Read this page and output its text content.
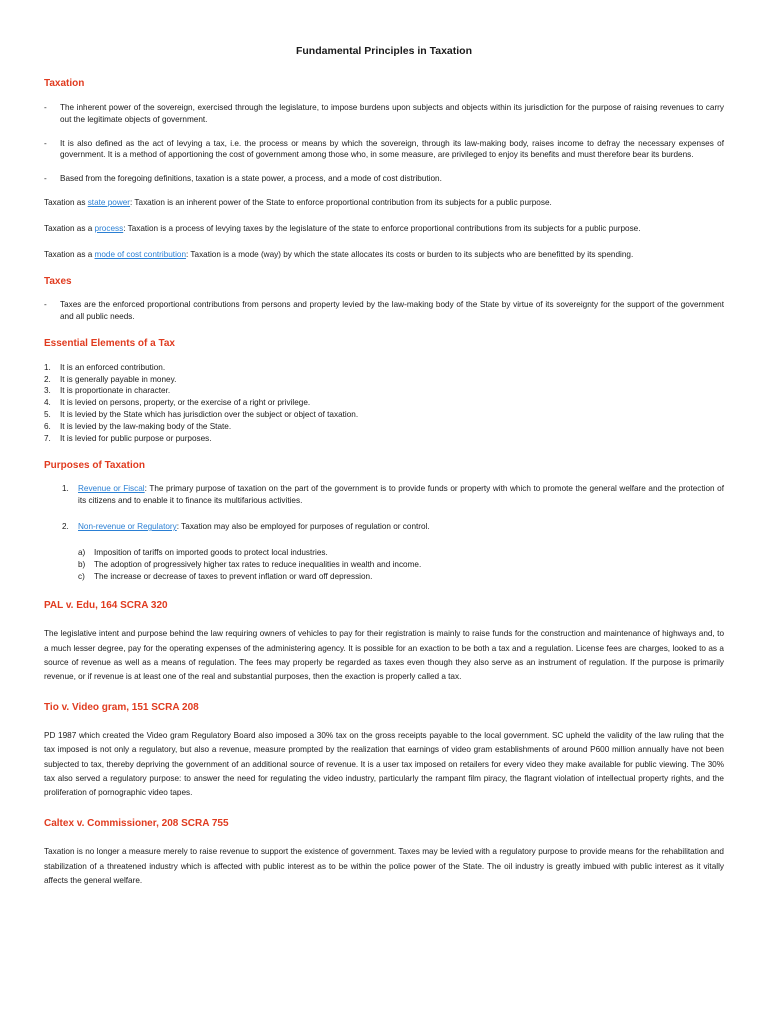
Fundamental Principles in Taxation
Taxation
- The inherent power of the sovereign, exercised through the legislature, to impose burdens upon subjects and objects within its jurisdiction for the purpose of raising revenues to carry out the legitimate objects of government.
- It is also defined as the act of levying a tax, i.e. the process or means by which the sovereign, through its law-making body, raises income to defray the necessary expenses of government. It is a method of apportioning the cost of government among those who, in some measure, are privileged to enjoy its benefits and must therefore bear its burdens.
- Based from the foregoing definitions, taxation is a state power, a process, and a mode of cost distribution.
Taxation as state power: Taxation is an inherent power of the State to enforce proportional contribution from its subjects for a public purpose.
Taxation as a process: Taxation is a process of levying taxes by the legislature of the state to enforce proportional contributions from its subjects for a public purpose.
Taxation as a mode of cost contribution: Taxation is a mode (way) by which the state allocates its costs or burden to its subjects who are benefitted by its spending.
Taxes
- Taxes are the enforced proportional contributions from persons and property levied by the law-making body of the State by virtue of its sovereignty for the support of the government and all public needs.
Essential Elements of a Tax
1. It is an enforced contribution.
2. It is generally payable in money.
3. It is proportionate in character.
4. It is levied on persons, property, or the exercise of a right or privilege.
5. It is levied by the State which has jurisdiction over the subject or object of taxation.
6. It is levied by the law-making body of the State.
7. It is levied for public purpose or purposes.
Purposes of Taxation
1. Revenue or Fiscal: The primary purpose of taxation on the part of the government is to provide funds or property with which to promote the general welfare and the protection of its citizens and to enable it to finance its multifarious activities.
2. Non-revenue or Regulatory: Taxation may also be employed for purposes of regulation or control.
a) Imposition of tariffs on imported goods to protect local industries.
b) The adoption of progressively higher tax rates to reduce inequalities in wealth and income.
c) The increase or decrease of taxes to prevent inflation or ward off depression.
PAL v. Edu, 164 SCRA 320
The legislative intent and purpose behind the law requiring owners of vehicles to pay for their registration is mainly to raise funds for the construction and maintenance of highways and, to a much lesser degree, pay for the operating expenses of the administering agency. It is possible for an exaction to be both a tax and a regulation. License fees are charges, looked to as a source of revenue as well as a means of regulation. The fees may properly be regarded as taxes even though they also serve as an instrument of regulation. If the purpose is primarily revenue, or if revenue is at least one of the real and substantial purposes, then the exaction is properly called a tax.
Tio v. Video gram, 151 SCRA 208
PD 1987 which created the Video gram Regulatory Board also imposed a 30% tax on the gross receipts payable to the local government. SC upheld the validity of the law ruling that the tax imposed is not only a regulatory, but also a revenue, measure prompted by the realization that earnings of video gram establishments of around P600 million annually have not been subjected to tax, thereby depriving the government of an additional source of revenue. It is a user tax imposed on retailers for every video they make available for public viewing. The 30% tax also served a regulatory purpose: to answer the need for regulating the video industry, particularly the rampant film piracy, the flagrant violation of intellectual property rights, and the proliferation of pornographic video tapes.
Caltex v. Commissioner, 208 SCRA 755
Taxation is no longer a measure merely to raise revenue to support the existence of government. Taxes may be levied with a regulatory purpose to provide means for the rehabilitation and stabilization of a threatened industry which is affected with public interest as to be within the police power of the State. The oil industry is greatly imbued with public interest as it vitally affects the general welfare.
